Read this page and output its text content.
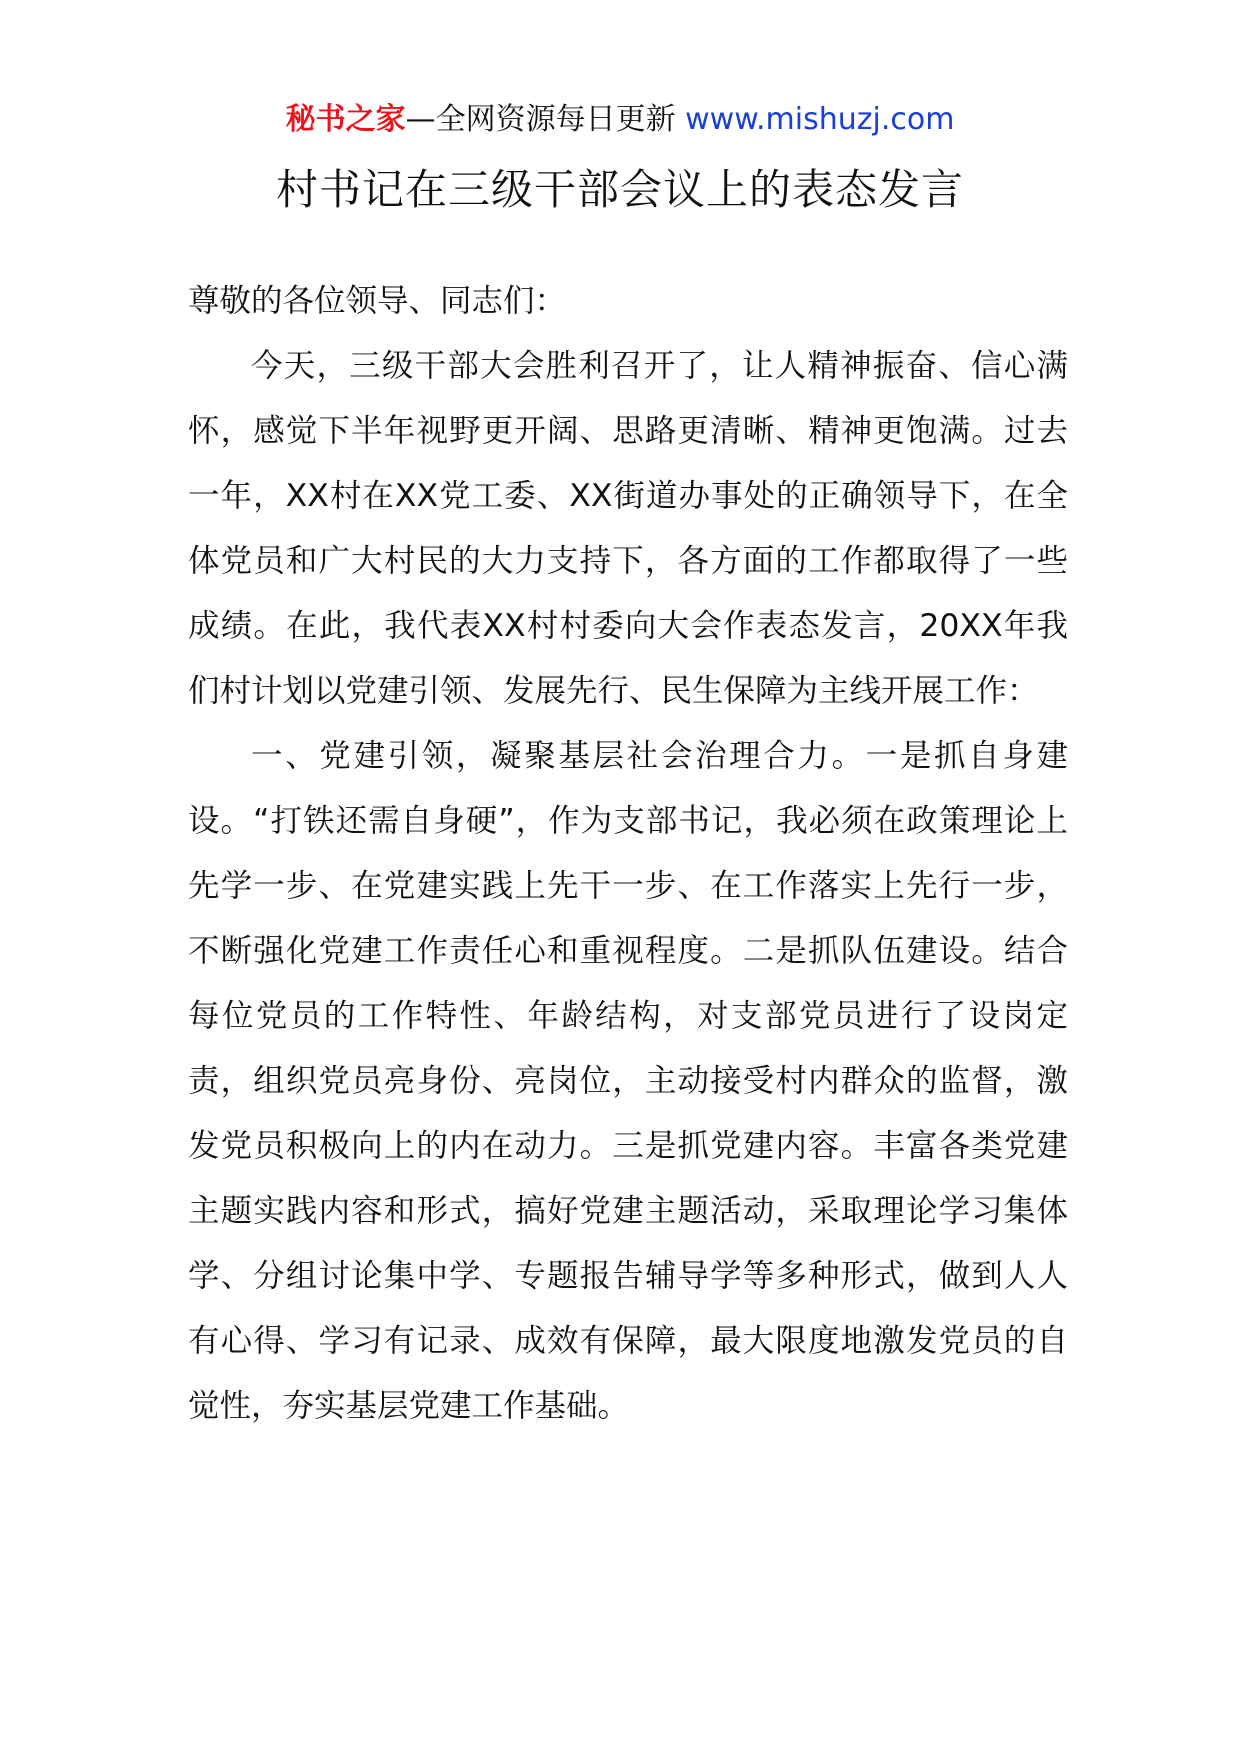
秘书之家—全网资源每日更新 www.mishuzj.com
村书记在三级干部会议上的表态发言

尊敬的各位领导、同志们：

今天，三级干部大会胜利召开了，让人精神振奋、信心满怀，感觉下半年视野更开阔、思路更清晰、精神更饱满。过去一年，XX村在XX党工委、XX街道办事处的正确领导下，在全体党员和广大村民的大力支持下，各方面的工作都取得了一些成绩。在此，我代表XX村村委向大会作表态发言，20XX年我们村计划以党建引领、发展先行、民生保障为主线开展工作：

一、党建引领，凝聚基层社会治理合力。一是抓自身建设。“打铁还需自身硬”，作为支部书记，我必须在政策理论上先学一步、在党建实践上先干一步、在工作落实上先行一步，不断强化党建工作责任心和重视程度。二是抓队伍建设。结合每位党员的工作特性、年龄结构，对支部党员进行了设岗定责，组织党员亮身份、亮岗位，主动接受村内群众的监督，激发党员积极向上的内在动力。三是抓党建内容。丰富各类党建主题实践内容和形式，搞好党建主题活动，采取理论学习集体学、分组讨论集中学、专题报告辅导学等多种形式，做到人人有心得、学习有记录、成效有保障，最大限度地激发党员的自觉性，夯实基层党建工作基础。
